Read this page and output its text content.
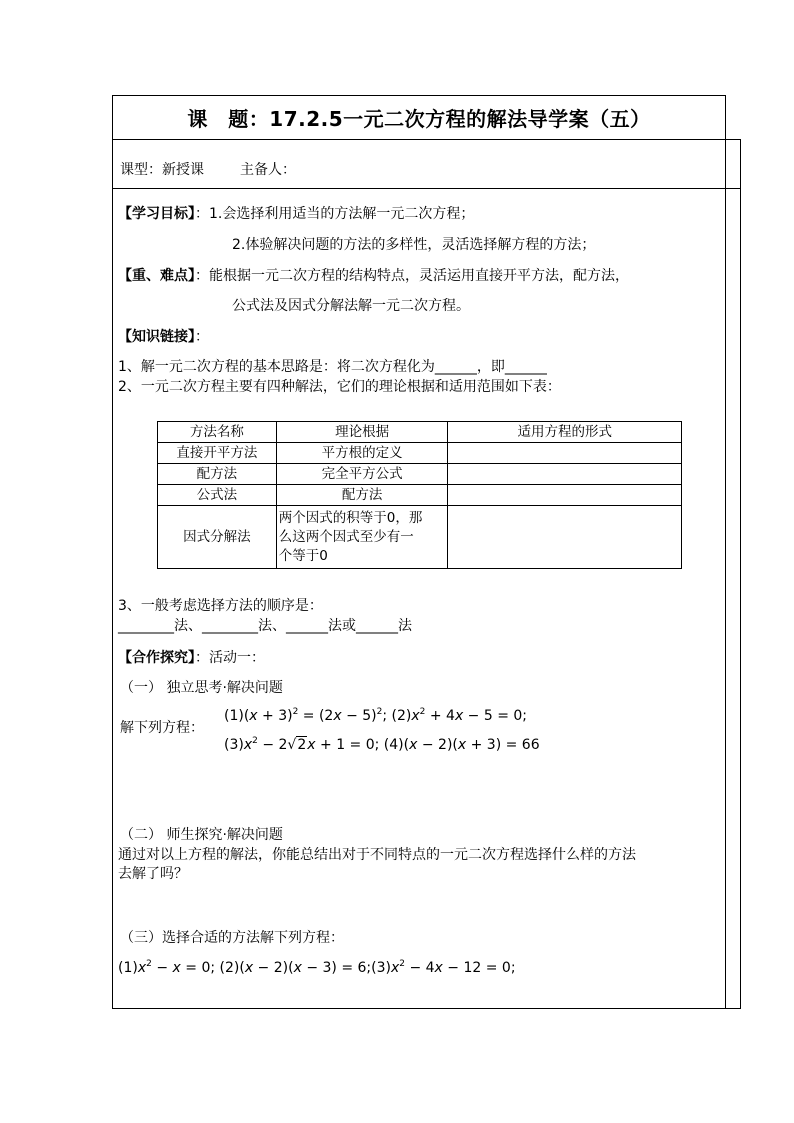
课　题：17.2.5一元二次方程的解法导学案（五）
课型：新授课	主备人：
【学习目标】：1.会选择利用适当的方法解一元二次方程；
2.体验解决问题的方法的多样性，灵活选择解方程的方法；
【重、难点】：能根据一元二次方程的结构特点，灵活运用直接开平方法，配方法，
公式法及因式分解法解一元二次方程。
【知识链接】：
1、解一元二次方程的基本思路是：将二次方程化为______，即______
2、一元二次方程主要有四种解法，它们的理论根据和适用范围如下表：
方法名称	理论根据	适用方程的形式
直接开平方法	平方根的定义	
配方法	完全平方公式	
公式法	配方法	
因式分解法	两个因式的积等于0，那
么这两个因式至少有一
个等于0	

3、一般考虑选择方法的顺序是：
________法、________法、______法或______法
【合作探究】：活动一：
（一） 独立思考·解决问题
解下列方程：
$(1)(x + 3)^2 = (2x - 5)^2$; $(2)x^2 + 4x - 5 = 0$;
$(3)x^2 - 2√2x + 1 = 0$; (4)(x − 2)(x + 3) = 66
（二） 师生探究·解决问题
通过对以上方程的解法，你能总结出对于不同特点的一元二次方程选择什么样的方法
去解了吗？
（三）选择合适的方法解下列方程：
$(1)x^2 - x = 0$; $(2)(x - 2)(x - 3) = 6;(3)x^2 - 4x - 12 = 0$;
